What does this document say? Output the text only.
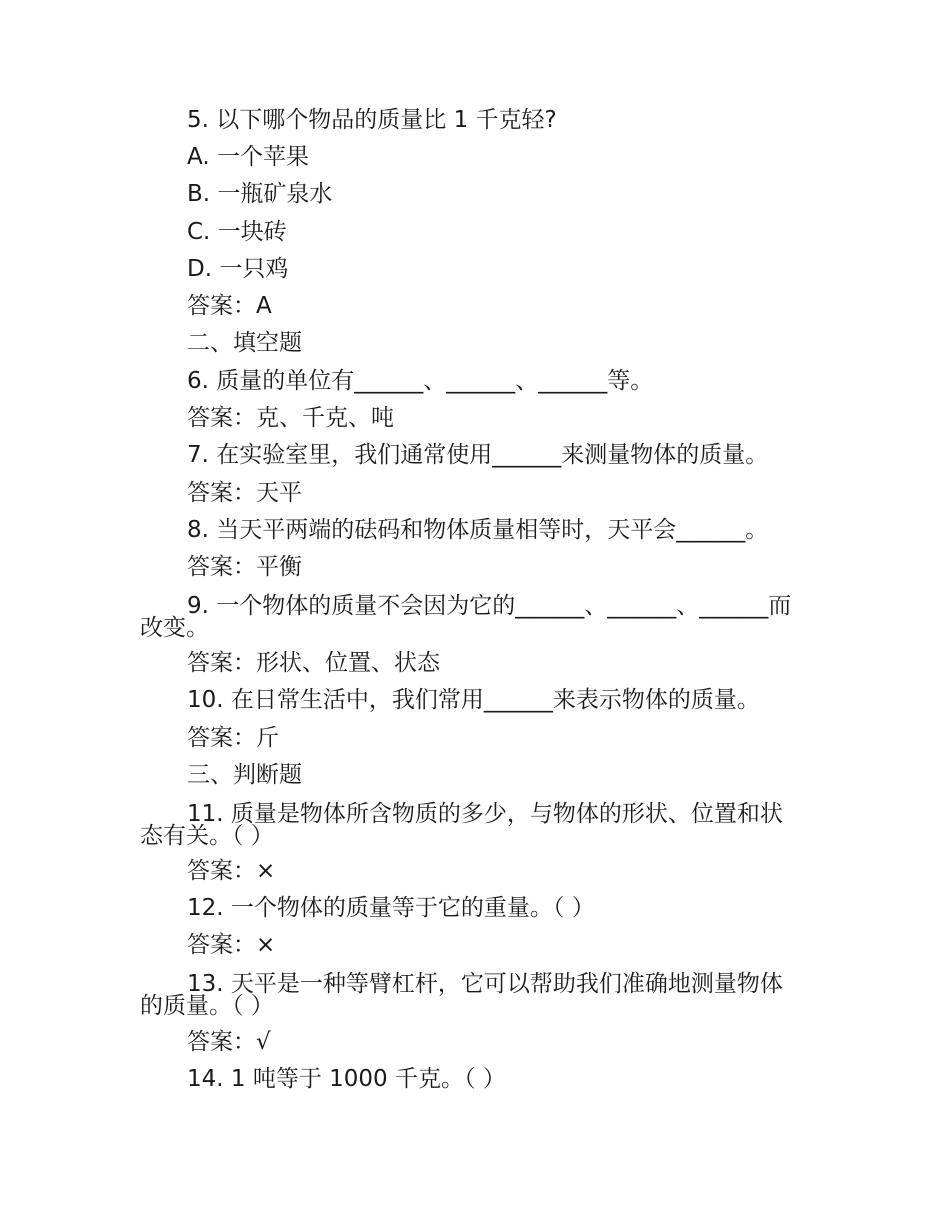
5. 以下哪个物品的质量比 1 千克轻?

A. 一个苹果

B. 一瓶矿泉水

C. 一块砖

D. 一只鸡

答案：A

二、填空题

6. 质量的单位有______、______、______等。

答案：克、千克、吨

7. 在实验室里，我们通常使用______来测量物体的质量。

答案：天平

8. 当天平两端的砝码和物体质量相等时，天平会______。

答案：平衡

9. 一个物体的质量不会因为它的______、______、______而改变。

答案：形状、位置、状态

10. 在日常生活中，我们常用______来表示物体的质量。

答案：斤

三、判断题

11. 质量是物体所含物质的多少，与物体的形状、位置和状态有关。（ ）

答案：×

12. 一个物体的质量等于它的重量。（ ）

答案：×

13. 天平是一种等臂杠杆，它可以帮助我们准确地测量物体的质量。（ ）

答案：√

14. 1 吨等于 1000 千克。（ ）
